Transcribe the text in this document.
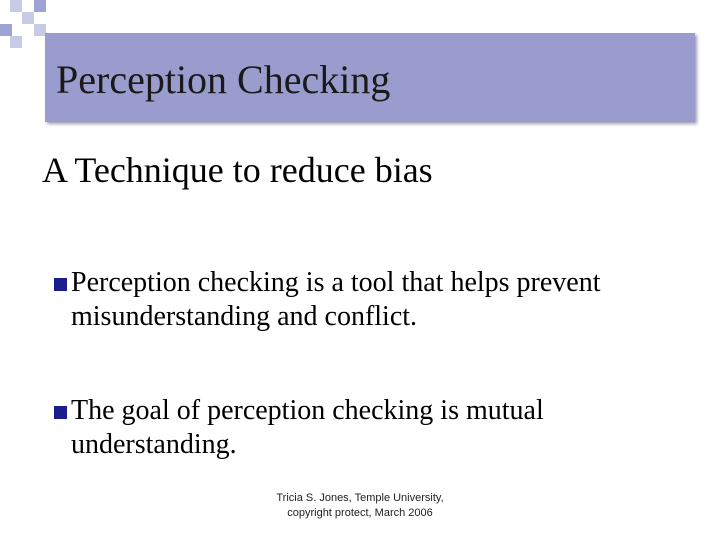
Perception Checking
A Technique to reduce bias
Perception checking is a tool that helps prevent misunderstanding and conflict.
The goal of perception checking is mutual understanding.
Tricia S. Jones, Temple University,
copyright protect, March 2006
